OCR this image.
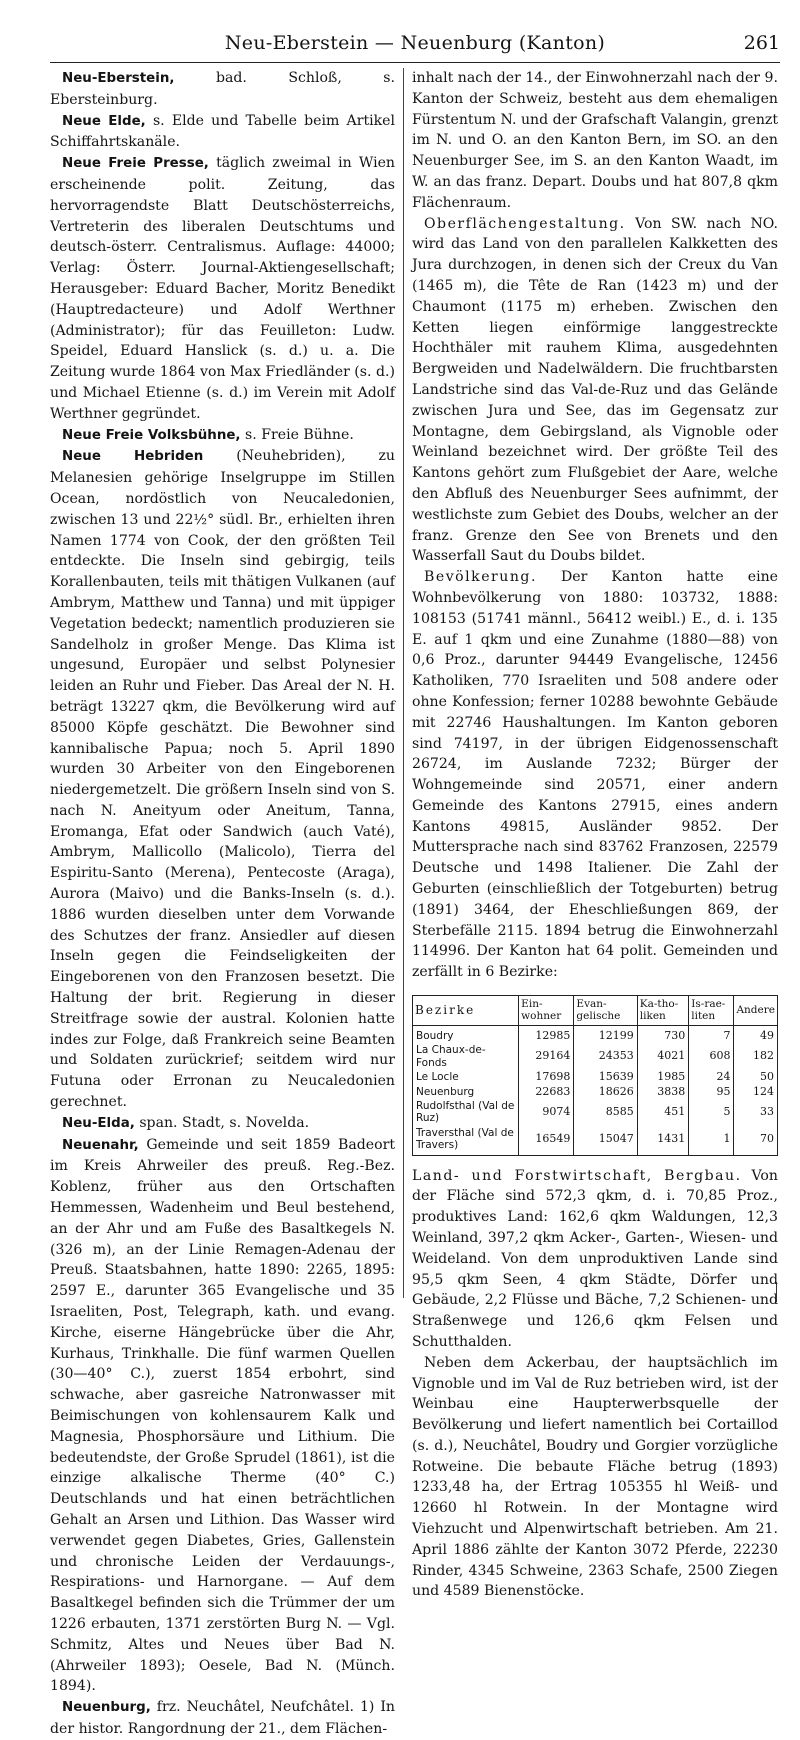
Neu-Eberstein — Neuenburg (Kanton)	261

Neu-Eberstein,	bad. Schloß, s. Ebersteinburg.

Neue Elde, s. Elde und Tabelle beim Artikel Schiffahrtskanäle.

Neue Freie Presse, täglich zweimal in Wien erscheinende polit. Zeitung, das hervorragendste Blatt Deutschösterreichs, Vertreterin des liberalen Deutschtums und deutsch-österr. Centralismus. Auflage: 44000; Verlag: Österr. Journal-Aktiengesellschaft; Herausgeber: Eduard Bacher, Moritz Benedikt (Hauptredacteure) und Adolf Werthner (Administrator); für das Feuilleton: Ludw. Speidel, Eduard Hanslick (s. d.) u. a. Die Zeitung wurde 1864 von Max Friedländer (s. d.) und Michael Etienne (s. d.) im Verein mit Adolf Werthner gegründet.

Neue Freie Volksbühne, s. Freie Bühne.

Neue Hebriden (Neuhebriden), zu Melanesien gehörige Inselgruppe im Stillen Ocean, nordöstlich von Neucaledonien, zwischen 13 und 22½° südl. Br., erhielten ihren Namen 1774 von Cook, der den größten Teil entdeckte. Die Inseln sind gebirgig, teils Korallenbauten, teils mit thätigen Vulkanen (auf Ambrym, Matthew und Tanna) und mit üppiger Vegetation bedeckt; namentlich produzieren sie Sandelholz in großer Menge. Das Klima ist ungesund, Europäer und selbst Polynesier leiden an Ruhr und Fieber. Das Areal der N. H. beträgt 13227 qkm, die Bevölkerung wird auf 85000 Köpfe geschätzt. Die Bewohner sind kannibalische Papua; noch 5. April 1890 wurden 30 Arbeiter von den Eingeborenen niedergemetzelt. Die größern Inseln sind von S. nach N. Aneityum oder Aneitum, Tanna, Eromanga, Efat oder Sandwich (auch Vaté), Ambrym, Mallicollo (Malicolo), Tierra del Espiritu-Santo (Merena), Pentecoste (Araga), Aurora (Maivo) und die Banks-Inseln (s. d.). 1886 wurden dieselben unter dem Vorwande des Schutzes der franz. Ansiedler auf diesen Inseln gegen die Feindseligkeiten der Eingeborenen von den Franzosen besetzt. Die Haltung der brit. Regierung in dieser Streitfrage sowie der austral. Kolonien hatte indes zur Folge, daß Frankreich seine Beamten und Soldaten zurückrief; seitdem wird nur Futuna oder Erronan zu Neucaledonien gerechnet.

Neu-Elda, span. Stadt, s. Novelda.

Neuenahr, Gemeinde und seit 1859 Badeort im Kreis Ahrweiler des preuß. Reg.-Bez. Koblenz, früher aus den Ortschaften Hemmessen, Wadenheim und Beul bestehend, an der Ahr und am Fuße des Basaltkegels N. (326 m), an der Linie Remagen-Adenau der Preuß. Staatsbahnen, hatte 1890: 2265, 1895: 2597 E., darunter 365 Evangelische und 35 Israeliten, Post, Telegraph, kath. und evang. Kirche, eiserne Hängebrücke über die Ahr, Kurhaus, Trinkhalle. Die fünf warmen Quellen (30—40° C.), zuerst 1854 erbohrt, sind schwache, aber gasreiche Natronwasser mit Beimischungen von kohlensaurem Kalk und Magnesia, Phosphorsäure und Lithium. Die bedeutendste, der Große Sprudel (1861), ist die einzige alkalische Therme (40° C.) Deutschlands und hat einen beträchtlichen Gehalt an Arsen und Lithion. Das Wasser wird verwendet gegen Diabetes, Gries, Gallenstein und chronische Leiden der Verdauungs-, Respirations- und Harnorgane. — Auf dem Basaltkegel befinden sich die Trümmer der um 1226 erbauten, 1371 zerstörten Burg N. — Vgl. Schmitz, Altes und Neues über Bad N. (Ahrweiler 1893); Oesele, Bad N. (Münch. 1894).

Neuenburg, frz. Neuchâtel, Neufchâtel. 1) In der histor. Rangordnung der 21., dem Flächen-

inhalt nach der 14., der Einwohnerzahl nach der 9. Kanton der Schweiz, besteht aus dem ehemaligen Fürstentum N. und der Grafschaft Valangin, grenzt im N. und O. an den Kanton Bern, im SO. an den Neuenburger See, im S. an den Kanton Waadt, im W. an das franz. Depart. Doubs und hat 807,8 qkm Flächenraum.

Oberflächengestaltung. Von SW. nach NO. wird das Land von den parallelen Kalkketten des Jura durchzogen, in denen sich der Creux du Van (1465 m), die Tête de Ran (1423 m) und der Chaumont (1175 m) erheben. Zwischen den Ketten liegen einförmige langgestreckte Hochthäler mit rauhem Klima, ausgedehnten Bergweiden und Nadelwäldern. Die fruchtbarsten Landstriche sind das Val-de-Ruz und das Gelände zwischen Jura und See, das im Gegensatz zur Montagne, dem Gebirgsland, als Vignoble oder Weinland bezeichnet wird. Der größte Teil des Kantons gehört zum Flußgebiet der Aare, welche den Abfluß des Neuenburger Sees aufnimmt, der westlichste zum Gebiet des Doubs, welcher an der franz. Grenze den See von Brenets und den Wasserfall Saut du Doubs bildet.

Bevölkerung. Der Kanton hatte eine Wohnbevölkerung von 1880: 103732, 1888: 108153 (51741 männl., 56412 weibl.) E., d. i. 135 E. auf 1 qkm und eine Zunahme (1880—88) von 0,6 Proz., darunter 94449 Evangelische, 12456 Katholiken, 770 Israeliten und 508 andere oder ohne Konfession; ferner 10288 bewohnte Gebäude mit 22746 Haushaltungen. Im Kanton geboren sind 74197, in der übrigen Eidgenossenschaft 26724, im Auslande 7232; Bürger der Wohngemeinde sind 20571, einer andern Gemeinde des Kantons 27915, eines andern Kantons 49815, Ausländer 9852. Der Muttersprache nach sind 83762 Franzosen, 22579 Deutsche und 1498 Italiener. Die Zahl der Geburten (einschließlich der Totgeburten) betrug (1891) 3464, der Eheschließungen 869, der Sterbefälle 2115. 1894 betrug die Einwohnerzahl 114996. Der Kanton hat 64 polit. Gemeinden und zerfällt in 6 Bezirke:

Bezirke	Ein-wohner	Evan-gelische	Ka-tho-liken	Is-rae-liten	Andere
Boudry	12985	12199	730	7	49
La Chaux-de-Fonds	29164	24353	4021	608	182
Le Locle	17698	15639	1985	24	50
Neuenburg	22683	18626	3838	95	124
Rudolfsthal (Val de Ruz)	9074	8585	451	5	33
Traversthal (Val de Travers)	16549	15047	1431	1	70

Land- und Forstwirtschaft, Bergbau. Von der Fläche sind 572,3 qkm, d. i. 70,85 Proz., produktives Land: 162,6 qkm Waldungen, 12,3 Weinland, 397,2 qkm Acker-, Garten-, Wiesen- und Weideland. Von dem unproduktiven Lande sind 95,5 qkm Seen, 4 qkm Städte, Dörfer und Gebäude, 2,2 Flüsse und Bäche, 7,2 Schienen- und Straßenwege und 126,6 qkm Felsen und Schutthalden.

Neben dem Ackerbau, der hauptsächlich im Vignoble und im Val de Ruz betrieben wird, ist der Weinbau eine Haupterwerbsquelle der Bevölkerung und liefert namentlich bei Cortaillod (s. d.), Neuchâtel, Boudry und Gorgier vorzügliche Rotweine. Die bebaute Fläche betrug (1893) 1233,48 ha, der Ertrag 105355 hl Weiß- und 12660 hl Rotwein. In der Montagne wird Viehzucht und Alpenwirtschaft betrieben. Am 21. April 1886 zählte der Kanton 3072 Pferde, 22230 Rinder, 4345 Schweine, 2363 Schafe, 2500 Ziegen und 4589 Bienenstöcke.
